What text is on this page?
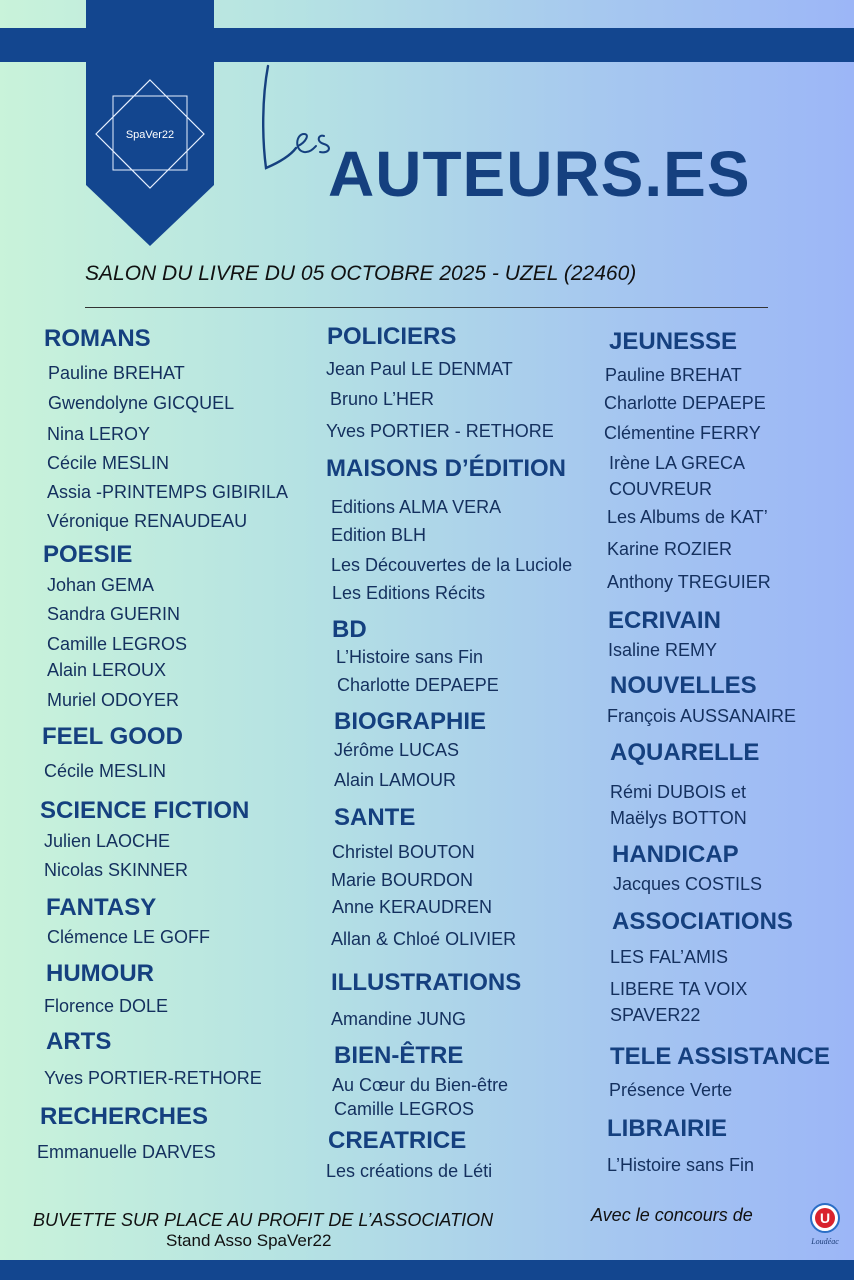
SpaVer22
AUTEURS.ES
SALON DU LIVRE DU 05 OCTOBRE 2025 - UZEL (22460)
ROMANS
Pauline BREHAT
Gwendolyne GICQUEL
Nina LEROY
Cécile MESLIN
Assia -PRINTEMPS GIBIRILA
Véronique RENAUDEAU
POESIE
Johan GEMA
Sandra GUERIN
Camille LEGROS
Alain LEROUX
Muriel ODOYER
FEEL GOOD
Cécile MESLIN
SCIENCE FICTION
Julien LAOCHE
Nicolas SKINNER
FANTASY
Clémence LE GOFF
HUMOUR
Florence DOLE
ARTS
Yves PORTIER-RETHORE
RECHERCHES
Emmanuelle DARVES
POLICIERS
Jean Paul LE DENMAT
Bruno L’HER
Yves PORTIER - RETHORE
MAISONS D’ÉDITION
Editions ALMA VERA
Edition BLH
Les Découvertes de la Luciole
Les Editions Récits
BD
L’Histoire sans Fin
Charlotte DEPAEPE
BIOGRAPHIE
Jérôme LUCAS
Alain LAMOUR
SANTE
Christel BOUTON
Marie BOURDON
Anne KERAUDREN
Allan & Chloé OLIVIER
ILLUSTRATIONS
Amandine JUNG
BIEN-ÊTRE
Au Cœur du Bien-être
Camille LEGROS
CREATRICE
Les créations de Léti
JEUNESSE
Pauline BREHAT
Charlotte DEPAEPE
Clémentine FERRY
Irène LA GRECA
COUVREUR
Les Albums de KAT’
Karine ROZIER
Anthony TREGUIER
ECRIVAIN
Isaline REMY
NOUVELLES
François AUSSANAIRE
AQUARELLE
Rémi DUBOIS et
Maëlys BOTTON
HANDICAP
Jacques COSTILS
ASSOCIATIONS
LES FAL’AMIS
LIBERE TA VOIX
SPAVER22
TELE ASSISTANCE
Présence Verte
LIBRAIRIE
L’Histoire sans Fin
BUVETTE SUR PLACE AU PROFIT DE L’ASSOCIATION
Stand Asso SpaVer22
Avec le concours de	U
Loudéac
